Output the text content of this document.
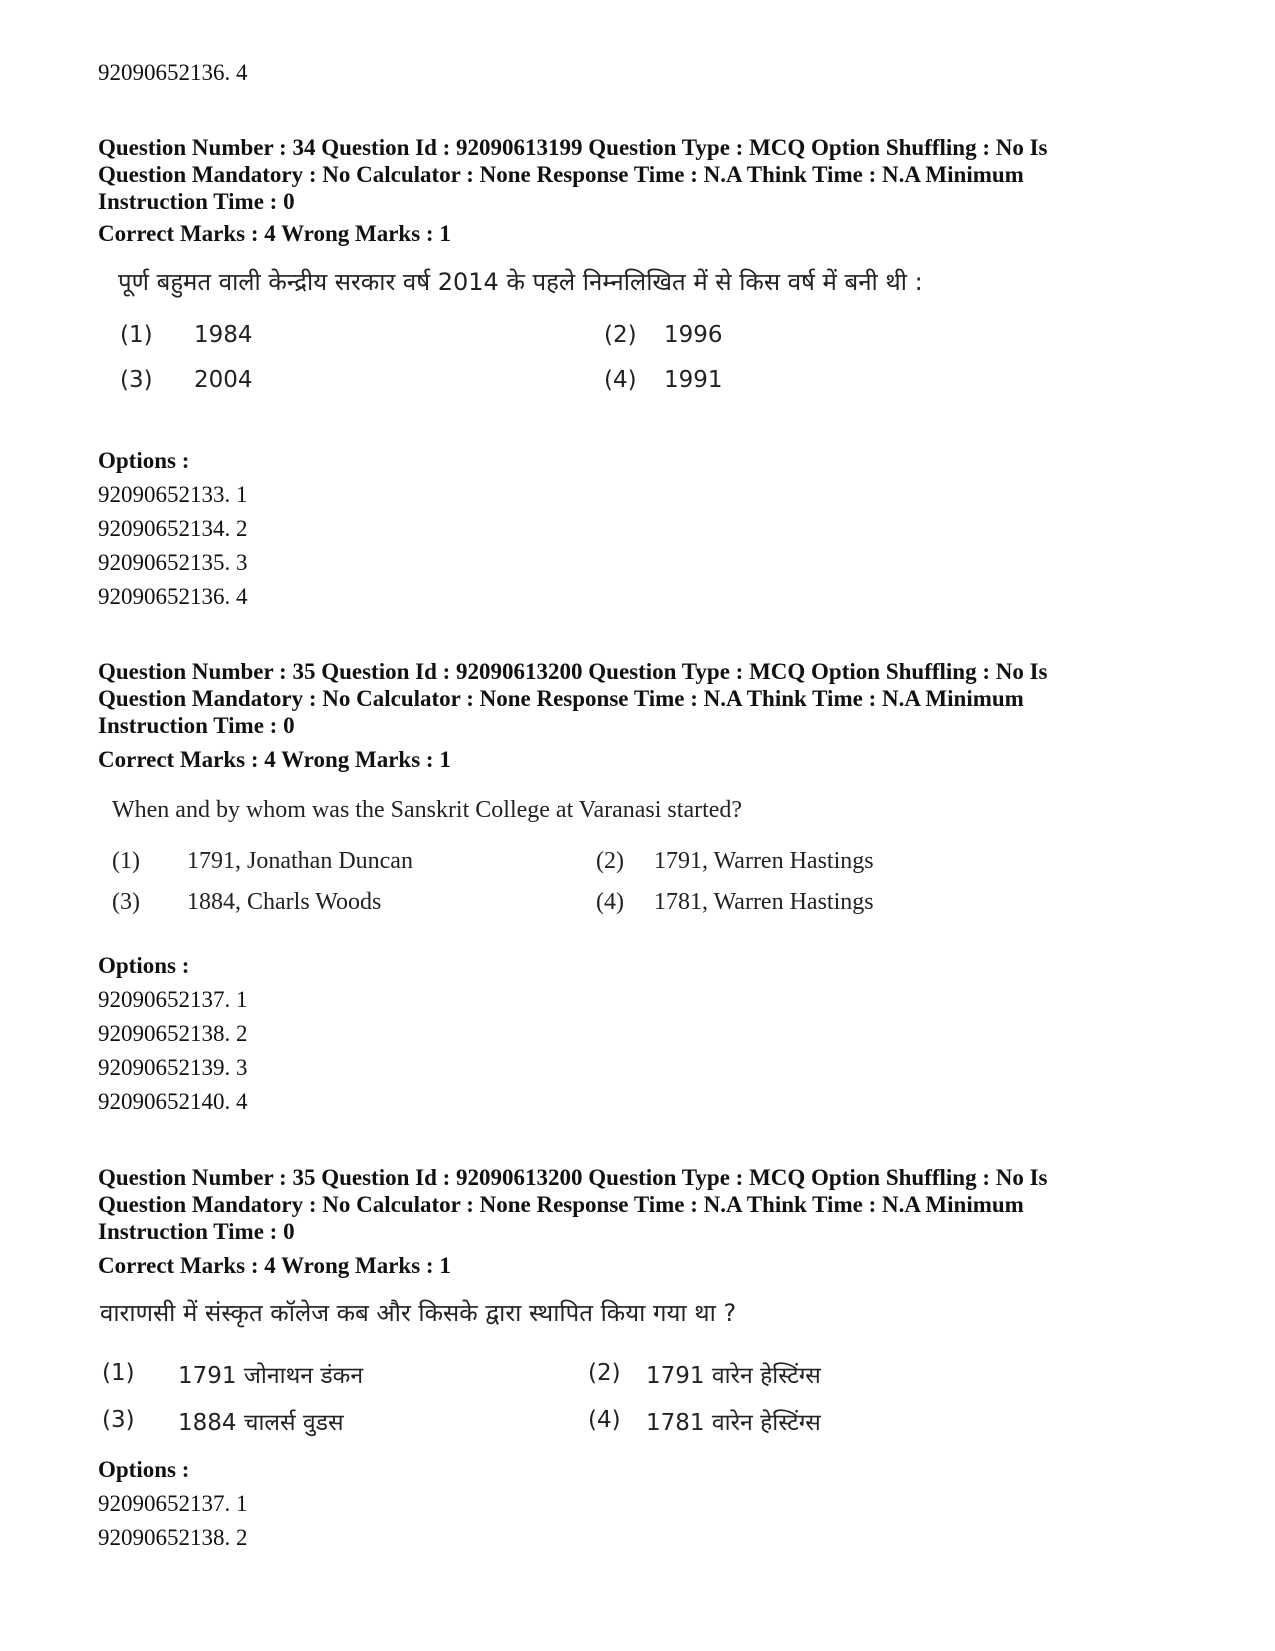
92090652136. 4
Question Number : 34 Question Id : 92090613199 Question Type : MCQ Option Shuffling : No Is
Question Mandatory : No Calculator : None Response Time : N.A Think Time : N.A Minimum
Instruction Time : 0
Correct Marks : 4 Wrong Marks : 1
पूर्ण बहुमत वाली केन्द्रीय सरकार वर्ष 2014 के पहले निम्नलिखित में से किस वर्ष में बनी थी :
(1) 1984	(2) 1996
(3) 2004	(4) 1991
Options :
92090652133. 1
92090652134. 2
92090652135. 3
92090652136. 4
Question Number : 35 Question Id : 92090613200 Question Type : MCQ Option Shuffling : No Is
Question Mandatory : No Calculator : None Response Time : N.A Think Time : N.A Minimum
Instruction Time : 0
Correct Marks : 4 Wrong Marks : 1
When and by whom was the Sanskrit College at Varanasi started?
(1) 1791, Jonathan Duncan	(2) 1791, Warren Hastings
(3) 1884, Charls Woods	(4) 1781, Warren Hastings
Options :
92090652137. 1
92090652138. 2
92090652139. 3
92090652140. 4
Question Number : 35 Question Id : 92090613200 Question Type : MCQ Option Shuffling : No Is
Question Mandatory : No Calculator : None Response Time : N.A Think Time : N.A Minimum
Instruction Time : 0
Correct Marks : 4 Wrong Marks : 1
वाराणसी में संस्कृत कॉलेज कब और किसके द्वारा स्थापित किया गया था ?
(1) 1791 जोनाथन डंकन	(2) 1791 वारेन हेस्टिंग्स
(3) 1884 चालर्स वुडस	(4) 1781 वारेन हेस्टिंग्स
Options :
92090652137. 1
92090652138. 2
